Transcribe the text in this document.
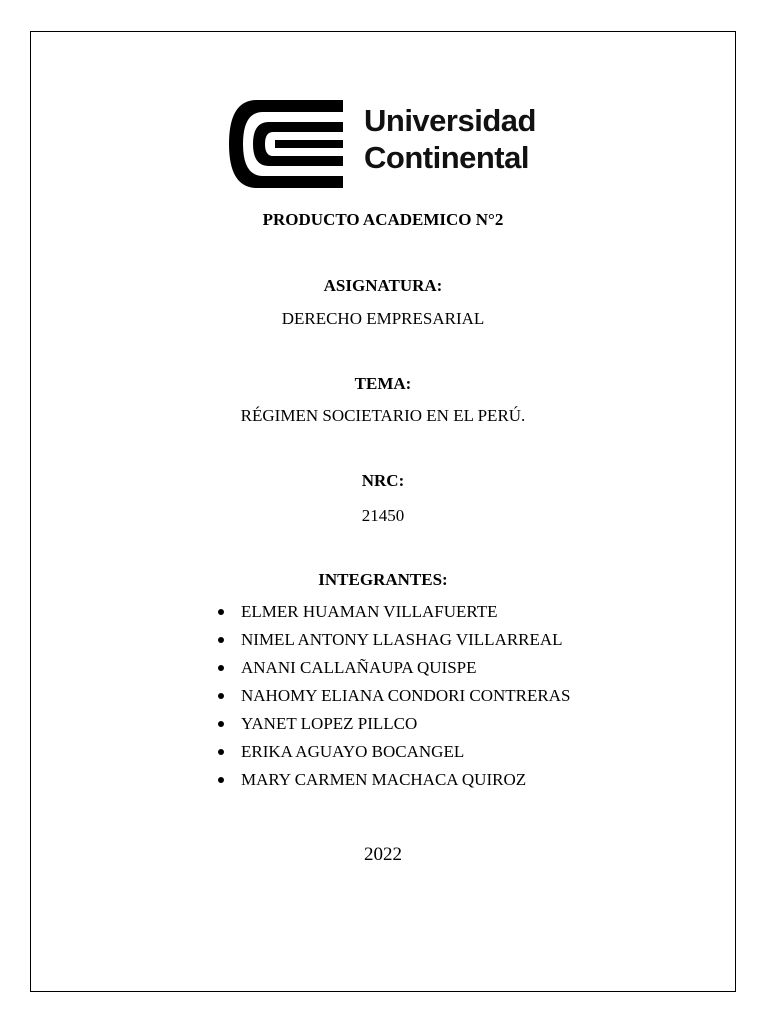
Universidad
Continental
PRODUCTO ACADEMICO N°2
ASIGNATURA:
DERECHO EMPRESARIAL
TEMA:
RÉGIMEN SOCIETARIO EN EL PERÚ.
NRC:
21450
INTEGRANTES:
ELMER HUAMAN VILLAFUERTE
NIMEL ANTONY LLASHAG VILLARREAL
ANANI CALLAÑAUPA QUISPE
NAHOMY ELIANA CONDORI CONTRERAS
YANET LOPEZ PILLCO
ERIKA AGUAYO BOCANGEL
MARY CARMEN MACHACA QUIROZ
2022
